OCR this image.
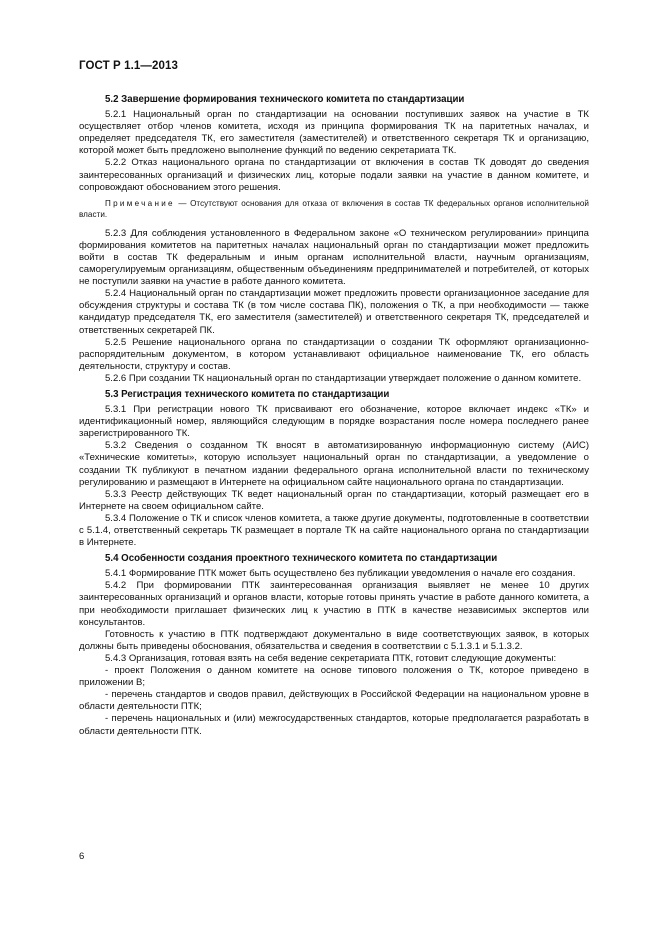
ГОСТ Р 1.1—2013
5.2 Завершение формирования технического комитета по стандартизации

5.2.1 Национальный орган по стандартизации на основании поступивших заявок на участие в ТК осуществляет отбор членов комитета, исходя из принципа формирования ТК на паритетных началах, и определяет председателя ТК, его заместителя (заместителей) и ответственного секретаря ТК и организацию, которой может быть предложено выполнение функций по ведению секретариата ТК.

5.2.2 Отказ национального органа по стандартизации от включения в состав ТК доводят до сведения заинтересованных организаций и физических лиц, которые подали заявки на участие в данном комитете, и сопровождают обоснованием этого решения.

Примечание — Отсутствуют основания для отказа от включения в состав ТК федеральных органов исполнительной власти.

5.2.3 Для соблюдения установленного в Федеральном законе «О техническом регулировании» принципа формирования комитетов на паритетных началах национальный орган по стандартизации может предложить войти в состав ТК федеральным и иным органам исполнительной власти, научным организациям, саморегулируемым организациям, общественным объединениям предпринимателей и потребителей, от которых не поступили заявки на участие в работе данного комитета.

5.2.4 Национальный орган по стандартизации может предложить провести организационное заседание для обсуждения структуры и состава ТК (в том числе состава ПК), положения о ТК, а при необходимости — также кандидатур председателя ТК, его заместителя (заместителей) и ответственного секретаря ТК, председателей и ответственных секретарей ПК.

5.2.5 Решение национального органа по стандартизации о создании ТК оформляют организационно-распорядительным документом, в котором устанавливают официальное наименование ТК, его область деятельности, структуру и состав.

5.2.6 При создании ТК национальный орган по стандартизации утверждает положение о данном комитете.

5.3 Регистрация технического комитета по стандартизации

5.3.1 При регистрации нового ТК присваивают его обозначение, которое включает индекс «ТК» и идентификационный номер, являющийся следующим в порядке возрастания после номера последнего ранее зарегистрированного ТК.

5.3.2 Сведения о созданном ТК вносят в автоматизированную информационную систему (АИС) «Технические комитеты», которую использует национальный орган по стандартизации, а уведомление о создании ТК публикуют в печатном издании федерального органа исполнительной власти по техническому регулированию и размещают в Интернете на официальном сайте национального органа по стандартизации.

5.3.3 Реестр действующих ТК ведет национальный орган по стандартизации, который размещает его в Интернете на своем официальном сайте.

5.3.4 Положение о ТК и список членов комитета, а также другие документы, подготовленные в соответствии с 5.1.4, ответственный секретарь ТК размещает в портале ТК на сайте национального органа по стандартизации в Интернете.

5.4 Особенности создания проектного технического комитета по стандартизации

5.4.1 Формирование ПТК может быть осуществлено без публикации уведомления о начале его создания.

5.4.2 При формировании ПТК заинтересованная организация выявляет не менее 10 других заинтересованных организаций и органов власти, которые готовы принять участие в работе данного комитета, а при необходимости приглашает физических лиц к участию в ПТК в качестве независимых экспертов или консультантов.

Готовность к участию в ПТК подтверждают документально в виде соответствующих заявок, в которых должны быть приведены обоснования, обязательства и сведения в соответствии с 5.1.3.1 и 5.1.3.2.

5.4.3 Организация, готовая взять на себя ведение секретариата ПТК, готовит следующие документы:

- проект Положения о данном комитете на основе типового положения о ТК, которое приведено в приложении В;

- перечень стандартов и сводов правил, действующих в Российской Федерации на национальном уровне в области деятельности ПТК;

- перечень национальных и (или) межгосударственных стандартов, которые предполагается разработать в области деятельности ПТК.

6
